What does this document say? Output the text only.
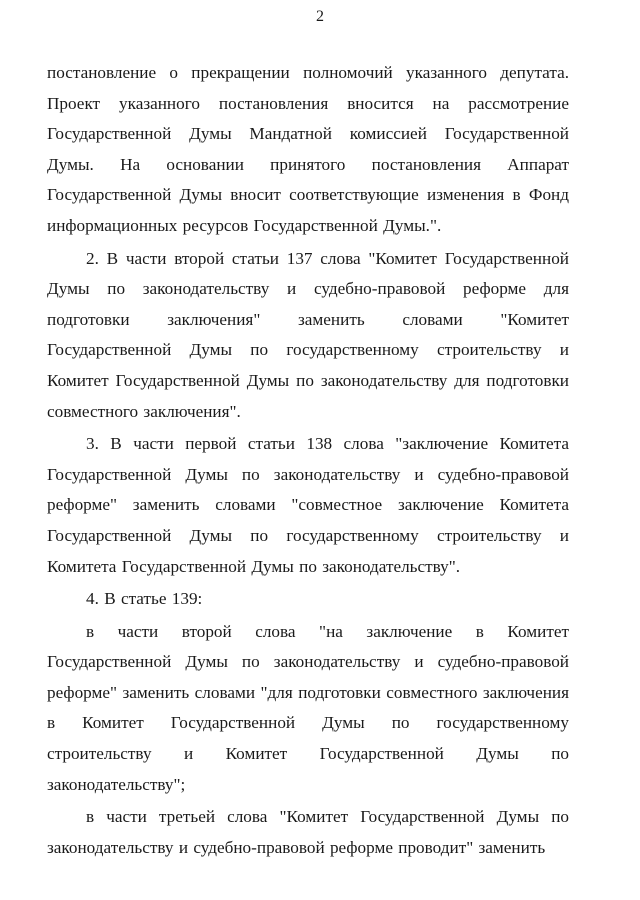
2

постановление о прекращении полномочий указанного депутата. Проект указанного постановления вносится на рассмотрение Государственной Думы Мандатной комиссией Государственной Думы. На основании принятого постановления Аппарат Государственной Думы вносит соответствующие изменения в Фонд информационных ресурсов Государственной Думы.".

2. В части второй статьи 137 слова "Комитет Государственной Думы по законодательству и судебно-правовой реформе для подготовки заключения" заменить словами "Комитет Государственной Думы по государственному строительству и Комитет Государственной Думы по законодательству для подготовки совместного заключения".

3. В части первой статьи 138 слова "заключение Комитета Государственной Думы по законодательству и судебно-правовой реформе" заменить словами "совместное заключение Комитета Государственной Думы по государственному строительству и Комитета Государственной Думы по законодательству".

4. В статье 139:

в части второй слова "на заключение в Комитет Государственной Думы по законодательству и судебно-правовой реформе" заменить словами "для подготовки совместного заключения в Комитет Государственной Думы по государственному строительству и Комитет Государственной Думы по законодательству";

в части третьей слова "Комитет Государственной Думы по законодательству и судебно-правовой реформе проводит" заменить
